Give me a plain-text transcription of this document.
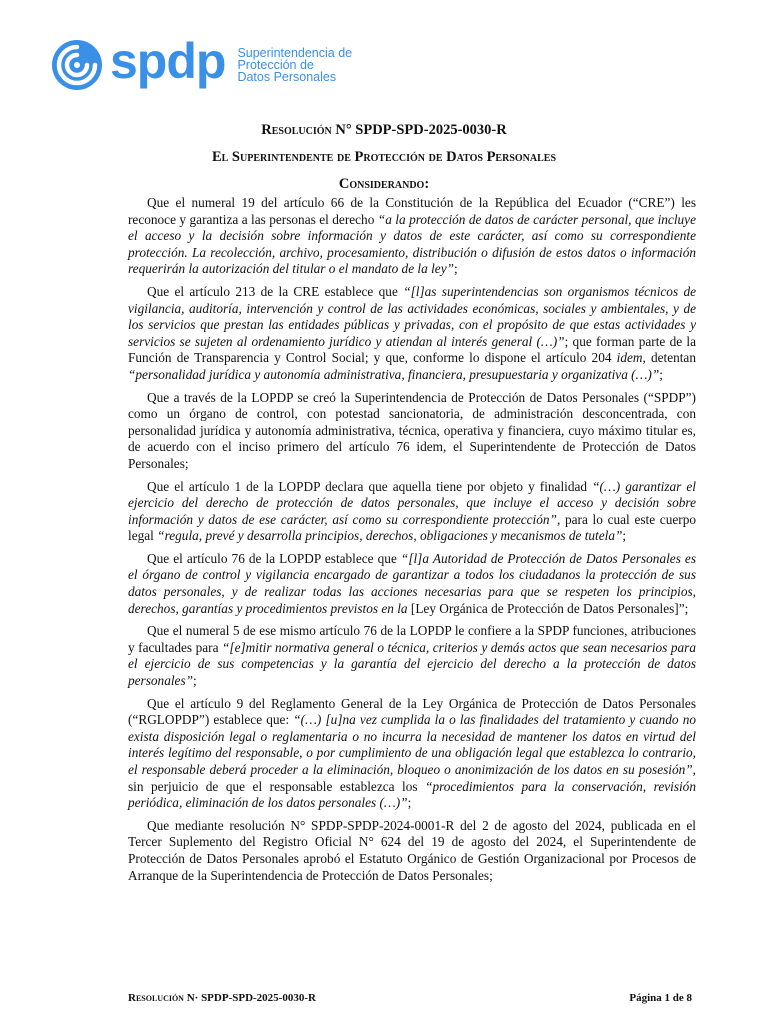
spdp Superintendencia de
Protección de
Datos Personales
Resolución N° SPDP-SPD-2025-0030-R
El Superintendente de Protección de Datos Personales
Considerando:

Que el numeral 19 del artículo 66 de la Constitución de la República del Ecuador (“CRE”) les reconoce y garantiza a las personas el derecho “a la protección de datos de carácter personal, que incluye el acceso y la decisión sobre información y datos de este carácter, así como su correspondiente protección. La recolección, archivo, procesamiento, distribución o difusión de estos datos o información requerirán la autorización del titular o el mandato de la ley”;

Que el artículo 213 de la CRE establece que “[l]as superintendencias son organismos técnicos de vigilancia, auditoría, intervención y control de las actividades económicas, sociales y ambientales, y de los servicios que prestan las entidades públicas y privadas, con el propósito de que estas actividades y servicios se sujeten al ordenamiento jurídico y atiendan al interés general (…)”; que forman parte de la Función de Transparencia y Control Social; y que, conforme lo dispone el artículo 204 idem, detentan “personalidad jurídica y autonomía administrativa, financiera, presupuestaria y organizativa (…)”;

Que a través de la LOPDP se creó la Superintendencia de Protección de Datos Personales (“SPDP”) como un órgano de control, con potestad sancionatoria, de administración desconcentrada, con personalidad jurídica y autonomía administrativa, técnica, operativa y financiera, cuyo máximo titular es, de acuerdo con el inciso primero del artículo 76 idem, el Superintendente de Protección de Datos Personales;

Que el artículo 1 de la LOPDP declara que aquella tiene por objeto y finalidad “(…) garantizar el ejercicio del derecho de protección de datos personales, que incluye el acceso y decisión sobre información y datos de ese carácter, así como su correspondiente protección”, para lo cual este cuerpo legal “regula, prevé y desarrolla principios, derechos, obligaciones y mecanismos de tutela”;

Que el artículo 76 de la LOPDP establece que “[l]a Autoridad de Protección de Datos Personales es el órgano de control y vigilancia encargado de garantizar a todos los ciudadanos la protección de sus datos personales, y de realizar todas las acciones necesarias para que se respeten los principios, derechos, garantías y procedimientos previstos en la [Ley Orgánica de Protección de Datos Personales]”;

Que el numeral 5 de ese mismo artículo 76 de la LOPDP le confiere a la SPDP funciones, atribuciones y facultades para “[e]mitir normativa general o técnica, criterios y demás actos que sean necesarios para el ejercicio de sus competencias y la garantía del ejercicio del derecho a la protección de datos personales”;

Que el artículo 9 del Reglamento General de la Ley Orgánica de Protección de Datos Personales (“RGLOPDP”) establece que: “(…) [u]na vez cumplida la o las finalidades del tratamiento y cuando no exista disposición legal o reglamentaria o no incurra la necesidad de mantener los datos en virtud del interés legítimo del responsable, o por cumplimiento de una obligación legal que establezca lo contrario, el responsable deberá proceder a la eliminación, bloqueo o anonimización de los datos en su posesión”, sin perjuicio de que el responsable establezca los “procedimientos para la conservación, revisión periódica, eliminación de los datos personales (…)”;

Que mediante resolución N° SPDP-SPDP-2024-0001-R del 2 de agosto del 2024, publicada en el Tercer Suplemento del Registro Oficial N° 624 del 19 de agosto del 2024, el Superintendente de Protección de Datos Personales aprobó el Estatuto Orgánico de Gestión Organizacional por Procesos de Arranque de la Superintendencia de Protección de Datos Personales;

Resolución N· SPDP-SPD-2025-0030-R	Página 1 de 8
